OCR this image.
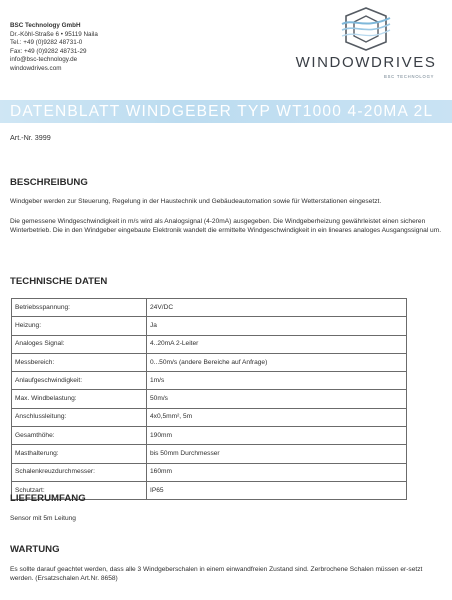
BSC Technology GmbH
Dr.-Köhl-Straße 6 • 95119 Naila
Tel.: +49 (0)9282 48731-0
Fax: +49 (0)9282 48731-29
info@bsc-technology.de
windowdrives.com	WINDOWDRIVES
BSC TECHNOLOGY
DATENBLATT WINDGEBER TYP WT1000 4-20MA 2L
Art.-Nr. 3999
BESCHREIBUNG

Windgeber werden zur Steuerung, Regelung in der Haustechnik und Gebäudeautomation sowie für Wetterstationen eingesetzt.

Die gemessene Windgeschwindigkeit in m/s wird als Analogsignal (4-20mA) ausgegeben. Die Windgeberheizung gewährleistet einen sicheren Winterbetrieb. Die in den Windgeber eingebaute Elektronik wandelt die ermittelte Windgeschwindigkeit in ein lineares analoges Ausgangssignal um.

TECHNISCHE DATEN
Betriebsspannung:	24V/DC
Heizung:	Ja
Analoges Signal:	4..20mA 2-Leiter
Messbereich:	0...50m/s (andere Bereiche auf Anfrage)
Anlaufgeschwindigkeit:	1m/s
Max. Windbelastung:	50m/s
Anschlussleitung:	4x0,5mm², 5m
Gesamthöhe:	190mm
Masthalterung:	bis 50mm Durchmesser
Schalenkreuzdurchmesser:	160mm
Schutzart:	IP65
LIEFERUMFANG

Sensor mit 5m Leitung

WARTUNG

Es sollte darauf geachtet werden, dass alle 3 Windgeberschalen in einem einwandfreien Zustand sind. Zerbrochene Schalen müssen er-setzt werden. (Ersatzschalen Art.Nr. 8658)
